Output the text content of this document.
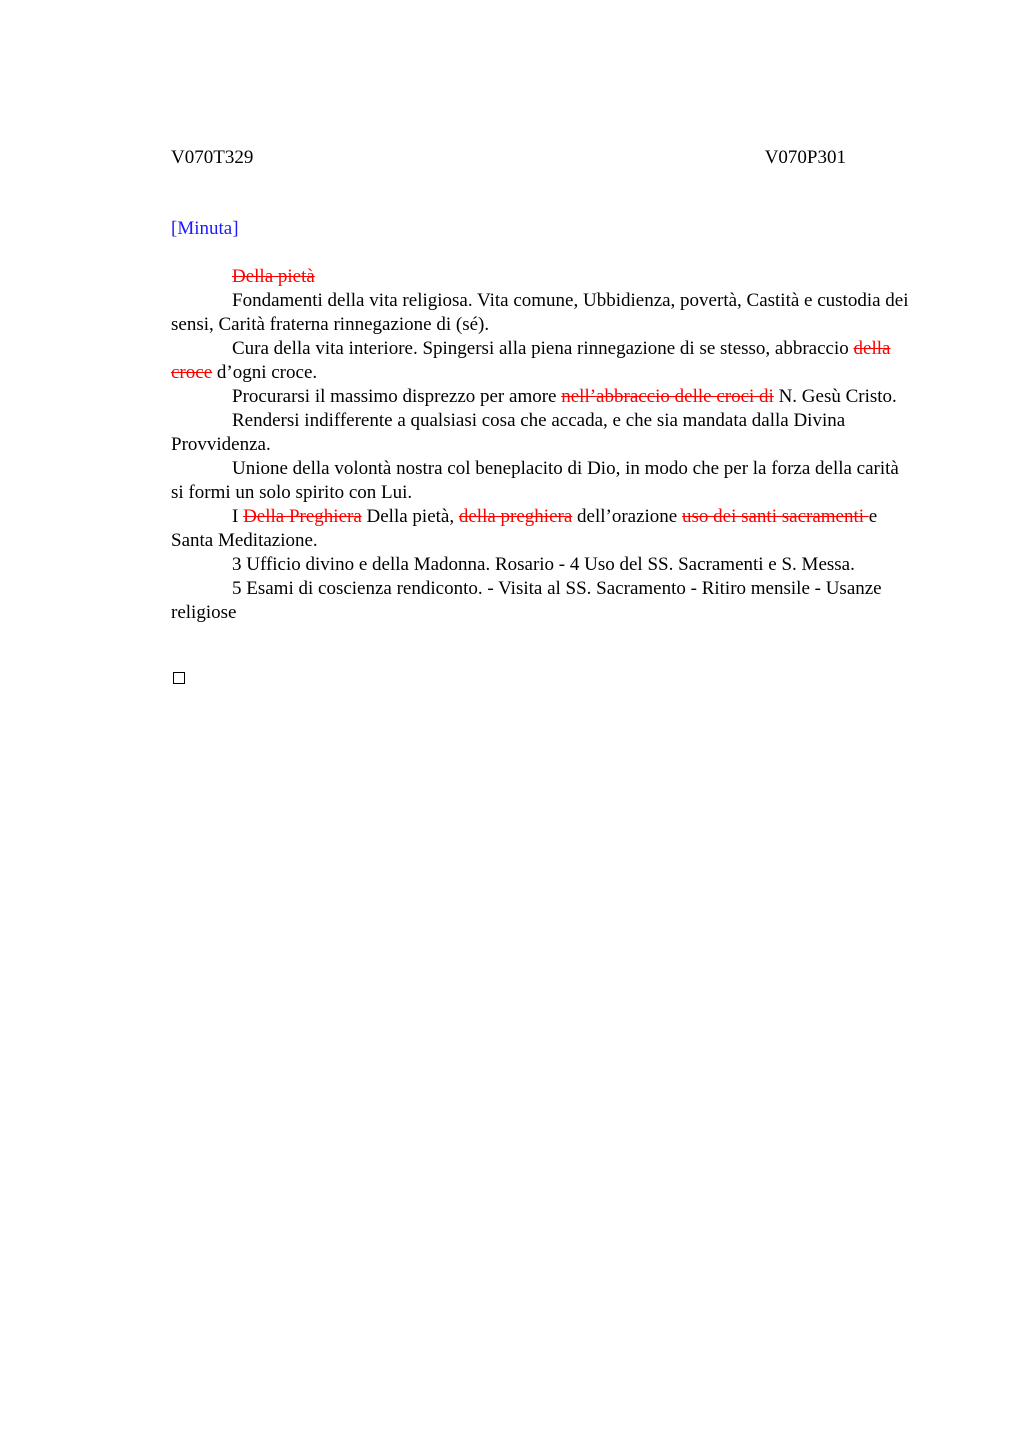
V070T329	V070P301
[Minuta]

Della pietà

Fondamenti della vita religiosa. Vita comune, Ubbidienza, povertà, Castità e custodia dei sensi, Carità fraterna rinnegazione di (sé).

Cura della vita interiore. Spingersi alla piena rinnegazione di se stesso, abbraccio della croce d’ogni croce.

Procurarsi il massimo disprezzo per amore nell’abbraccio delle croci di N. Gesù Cristo.

Rendersi indifferente a qualsiasi cosa che accada, e che sia mandata dalla Divina Provvidenza.

Unione della volontà nostra col beneplacito di Dio, in modo che per la forza della carità si formi un solo spirito con Lui.

I Della Preghiera Della pietà, della preghiera dell’orazione uso dei santi sacramenti e Santa Meditazione.

3 Ufficio divino e della Madonna. Rosario - 4 Uso del SS. Sacramenti e S. Messa.

5 Esami di coscienza rendiconto. - Visita al SS. Sacramento - Ritiro mensile - Usanze religiose
